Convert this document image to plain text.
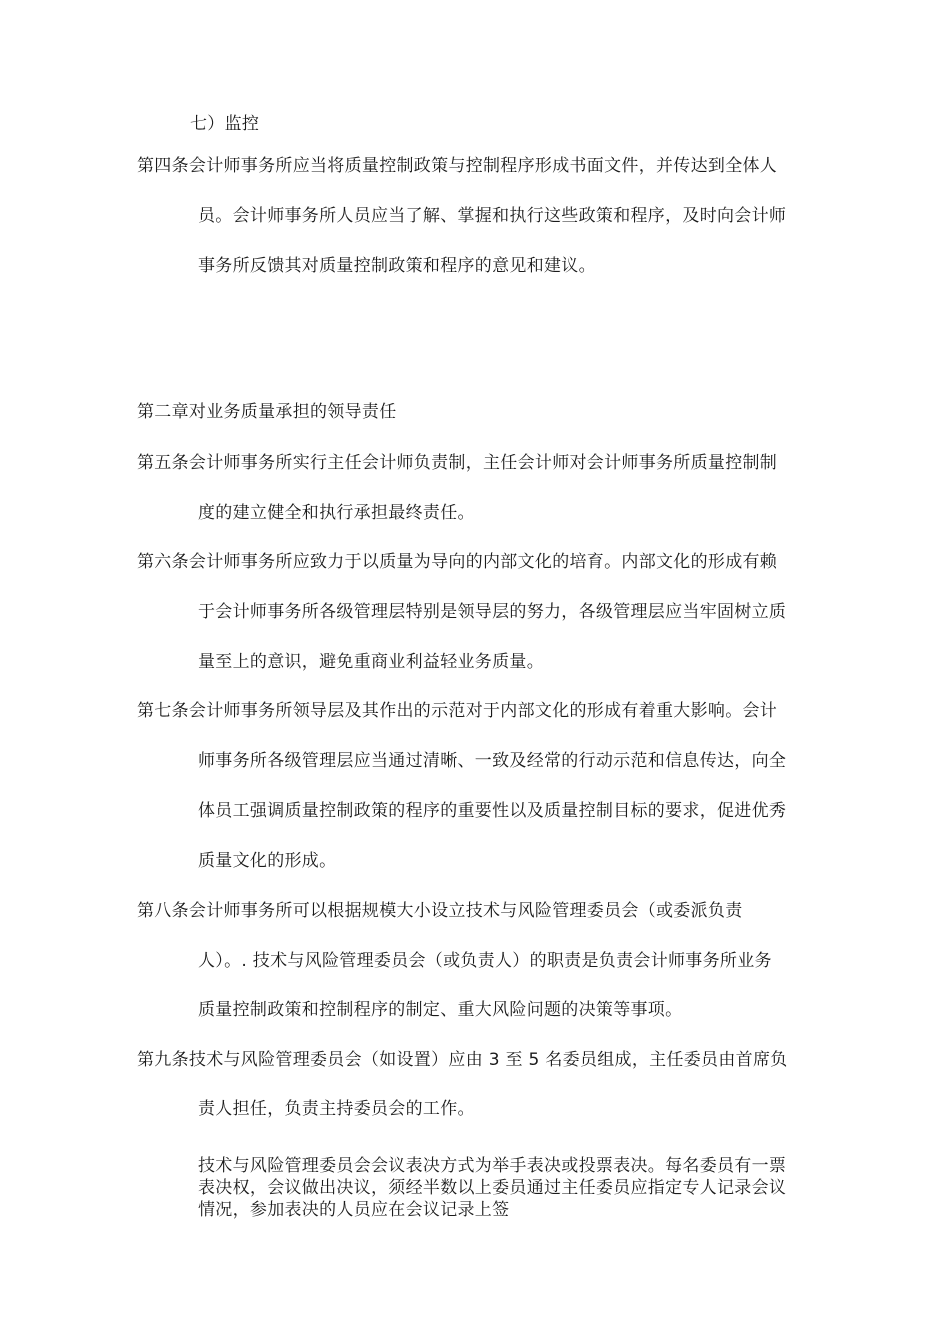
七）监控
第四条会计师事务所应当将质量控制政策与控制程序形成书面文件，并传达到全体人
员。会计师事务所人员应当了解、掌握和执行这些政策和程序，及时向会计师
事务所反馈其对质量控制政策和程序的意见和建议。
第二章对业务质量承担的领导责任
第五条会计师事务所实行主任会计师负责制，主任会计师对会计师事务所质量控制制
度的建立健全和执行承担最终责任。
第六条会计师事务所应致力于以质量为导向的内部文化的培育。内部文化的形成有赖
于会计师事务所各级管理层特别是领导层的努力，各级管理层应当牢固树立质
量至上的意识，避免重商业利益轻业务质量。
第七条会计师事务所领导层及其作出的示范对于内部文化的形成有着重大影响。会计
师事务所各级管理层应当通过清晰、一致及经常的行动示范和信息传达，向全
体员工强调质量控制政策的程序的重要性以及质量控制目标的要求，促进优秀
质量文化的形成。
第八条会计师事务所可以根据规模大小设立技术与风险管理委员会（或委派负责
人）。. 技术与风险管理委员会（或负责人）的职责是负责会计师事务所业务
质量控制政策和控制程序的制定、重大风险问题的决策等事项。
第九条技术与风险管理委员会（如设置）应由 3 至 5 名委员组成，主任委员由首席负
责人担任，负责主持委员会的工作。
技术与风险管理委员会会议表决方式为举手表决或投票表决。每名委员有一票
表决权，会议做出决议，须经半数以上委员通过主任委员应指定专人记录会议
情况，参加表决的人员应在会议记录上签
